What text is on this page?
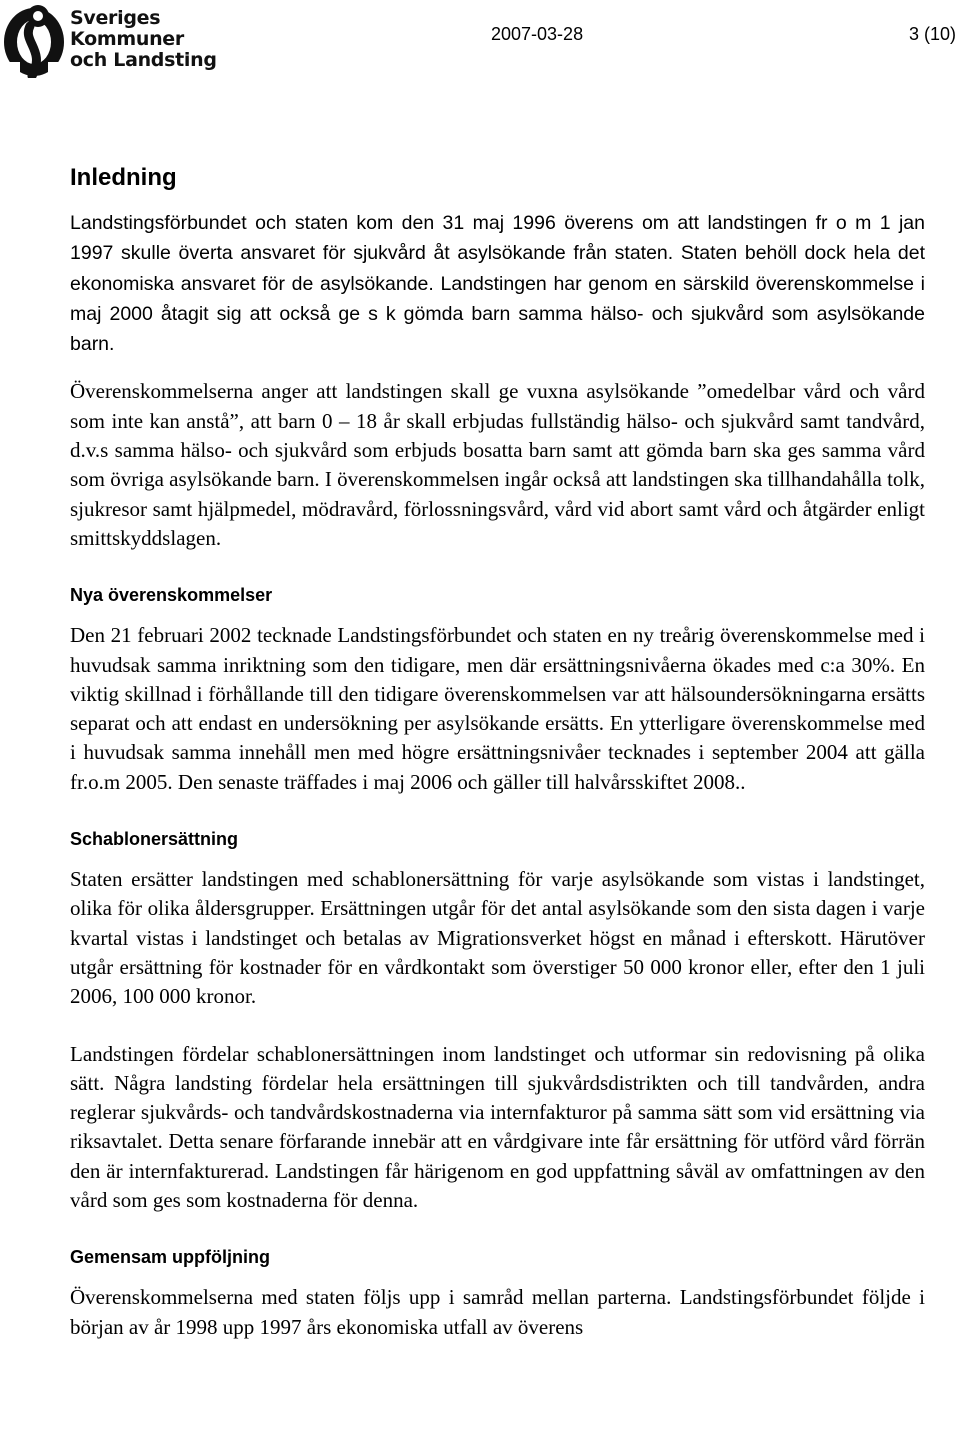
Sveriges
Kommuner
och Landsting
2007-03-28	3 (10)
Inledning

Landstingsförbundet och staten kom den 31 maj 1996 överens om att landstingen fr o m 1 jan 1997 skulle överta ansvaret för sjukvård åt asylsökande från staten. Staten behöll dock hela det ekonomiska ansvaret för de asylsökande. Landstingen har genom en särskild överenskommelse i maj 2000 åtagit sig att också ge s k gömda barn samma hälso- och sjukvård som asylsökande barn.

Överenskommelserna anger att landstingen skall ge vuxna asylsökande ”omedelbar vård och vård som inte kan anstå”, att barn 0 – 18 år skall erbjudas fullständig hälso- och sjukvård samt tandvård, d.v.s samma hälso- och sjukvård som erbjuds bosatta barn samt att gömda barn ska ges samma vård som övriga asylsökande barn. I överenskommelsen ingår också att landstingen ska tillhandahålla tolk, sjukresor samt hjälpmedel, mödravård, förlossningsvård, vård vid abort samt vård och åtgärder enligt smittskyddslagen.

Nya överenskommelser

Den 21 februari 2002 tecknade Landstingsförbundet och staten en ny treårig överenskommelse med i huvudsak samma inriktning som den tidigare, men där ersättningsnivåerna ökades med c:a 30%. En viktig skillnad i förhållande till den tidigare överenskommelsen var att hälsoundersökningarna ersätts separat och att endast en undersökning per asylsökande ersätts. En ytterligare överenskommelse med i huvudsak samma innehåll men med högre ersättningsnivåer tecknades i september 2004 att gälla fr.o.m 2005. Den senaste träffades i maj 2006 och gäller till halvårsskiftet 2008..

Schablonersättning

Staten ersätter landstingen med schablonersättning för varje asylsökande som vistas i landstinget, olika för olika åldersgrupper. Ersättningen utgår för det antal asylsökande som den sista dagen i varje kvartal vistas i landstinget och betalas av Migrationsverket högst en månad i efterskott. Härutöver utgår ersättning för kostnader för en vårdkontakt som överstiger 50 000 kronor eller, efter den 1 juli 2006, 100 000 kronor.

Landstingen fördelar schablonersättningen inom landstinget och utformar sin redovisning på olika sätt. Några landsting fördelar hela ersättningen till sjukvårdsdistrikten och till tandvården, andra reglerar sjukvårds- och tandvårdskostnaderna via internfakturor på samma sätt som vid ersättning via riksavtalet. Detta senare förfarande innebär att en vårdgivare inte får ersättning för utförd vård förrän den är internfakturerad. Landstingen får härigenom en god uppfattning såväl av omfattningen av den vård som ges som kostnaderna för denna.

Gemensam uppföljning

Överenskommelserna med staten följs upp i samråd mellan parterna. Landstingsförbundet följde i början av år 1998 upp 1997 års ekonomiska utfall av överens
